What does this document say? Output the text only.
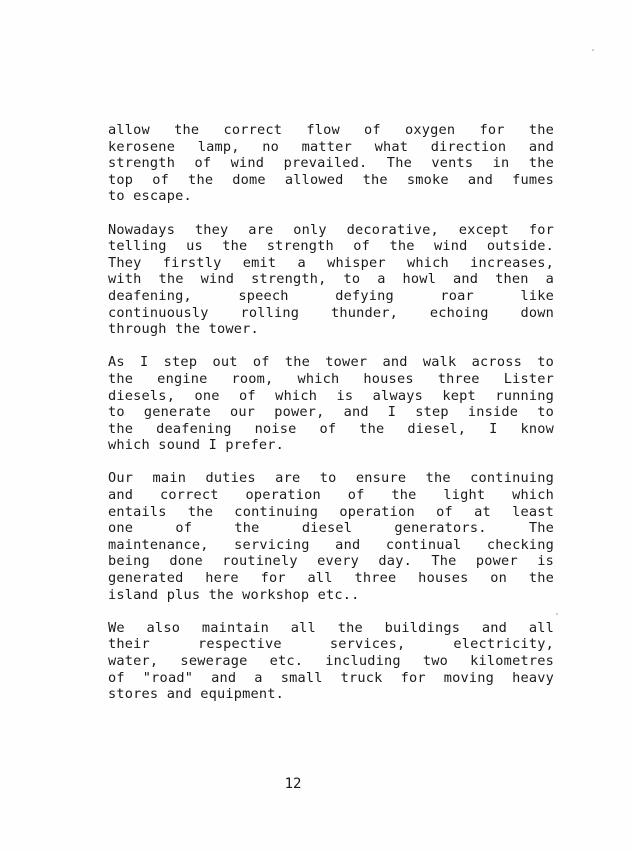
allow the correct flow of oxygen for the
kerosene lamp, no matter what direction and
strength of wind prevailed. The vents in the
top of the dome allowed the smoke and fumes
to escape.

Nowadays they are only decorative, except for
telling us the strength of the wind outside.
They firstly emit a whisper which increases,
with the wind strength, to a howl and then a
deafening, speech defying roar like
continuously rolling thunder, echoing down
through the tower.

As I step out of the tower and walk across to
the engine room, which houses three Lister
diesels, one of which is always kept running
to generate our power, and I step inside to
the deafening noise of the diesel, I know
which sound I prefer.

Our main duties are to ensure the continuing
and correct operation of the light which
entails the continuing operation of at least
one of the diesel generators. The
maintenance, servicing and continual checking
being done routinely every day. The power is
generated here for all three houses on the
island plus the workshop etc..

We also maintain all the buildings and all
their respective services, electricity,
water, sewerage etc. including two kilometres
of "road" and a small truck for moving heavy
stores and equipment.

12
